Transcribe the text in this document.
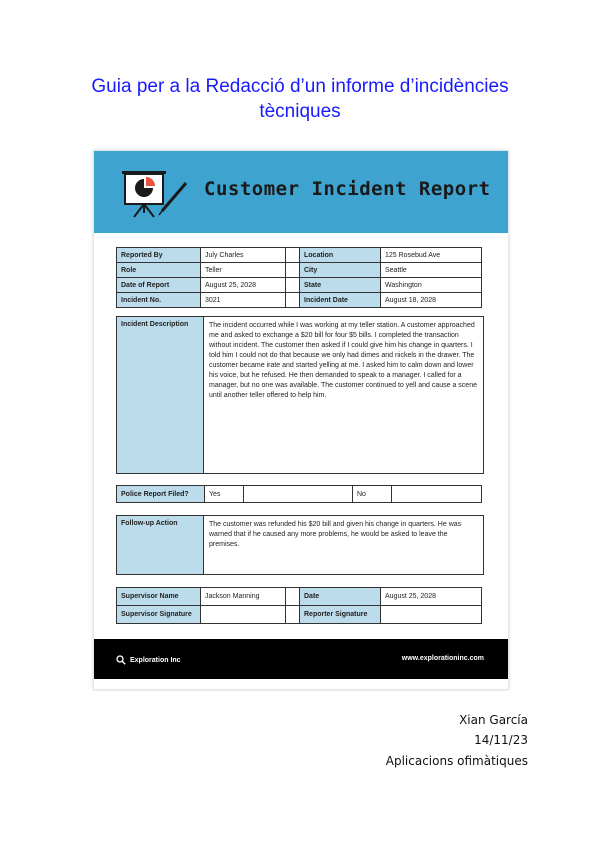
Guia per a la Redacció d’un informe d’incidències
tècniques
Customer Incident Report
Reported By	July Charles		Location	125 Rosebud Ave
Role	Teller		City	Seattle
Date of Report	August 25, 2028		State	Washington
Incident No.	3021		Incident Date	August 18, 2028
Incident Description	The incident occurred while I was working at my teller station. A customer approached me and asked to exchange a $20 bill for four $5 bills. I completed the transaction without incident. The customer then asked if I could give him his change in quarters. I told him I could not do that because we only had dimes and nickels in the drawer. The customer became irate and started yelling at me. I asked him to calm down and lower his voice, but he refused. He then demanded to speak to a manager. I called for a manager, but no one was available. The customer continued to yell and cause a scene until another teller offered to help him.
Police Report Filed?	Yes		No	
Follow-up Action	The customer was refunded his $20 bill and given his change in quarters. He was warned that if he caused any more problems, he would be asked to leave the premises.
Supervisor Name	Jackson Manning		Date	August 25, 2028
Supervisor Signature			Reporter Signature	
Exploration Inc	www.explorationinc.com
Xian García
14/11/23
Aplicacions ofimàtiques
